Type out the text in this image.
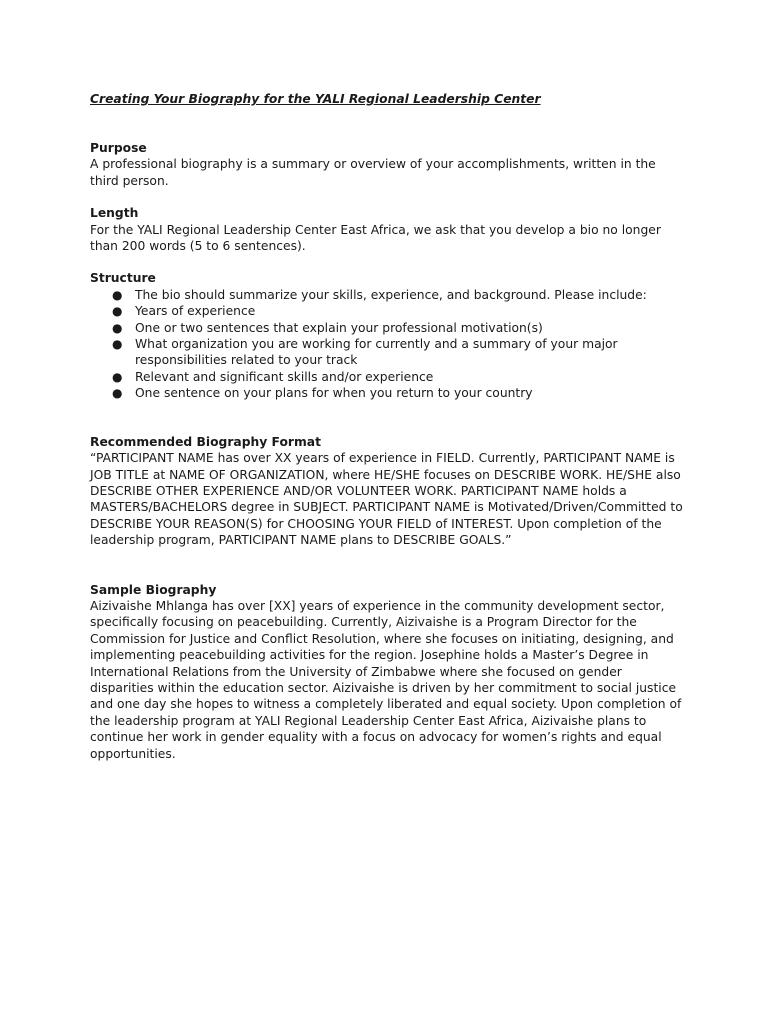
Creating Your Biography for the YALI Regional Leadership Center
Purpose

A professional biography is a summary or overview of your accomplishments, written in the third person.

Length

For the YALI Regional Leadership Center East Africa, we ask that you develop a bio no longer than 200 words (5 to 6 sentences).

Structure
● The bio should summarize your skills, experience, and background. Please include:
● Years of experience
● One or two sentences that explain your professional motivation(s)
● What organization you are working for currently and a summary of your major responsibilities related to your track
● Relevant and significant skills and/or experience
● One sentence on your plans for when you return to your country
Recommended Biography Format

“PARTICIPANT NAME has over XX years of experience in FIELD. Currently, PARTICIPANT NAME is JOB TITLE at NAME OF ORGANIZATION, where HE/SHE focuses on DESCRIBE WORK. HE/SHE also DESCRIBE OTHER EXPERIENCE AND/OR VOLUNTEER WORK. PARTICIPANT NAME holds a MASTERS/BACHELORS degree in SUBJECT. PARTICIPANT NAME is Motivated/Driven/Committed to DESCRIBE YOUR REASON(S) for CHOOSING YOUR FIELD of INTEREST. Upon completion of the leadership program, PARTICIPANT NAME plans to DESCRIBE GOALS.”

Sample Biography

Aizivaishe Mhlanga has over [XX] years of experience in the community development sector, specifically focusing on peacebuilding. Currently, Aizivaishe is a Program Director for the Commission for Justice and Conflict Resolution, where she focuses on initiating, designing, and implementing peacebuilding activities for the region. Josephine holds a Master’s Degree in International Relations from the University of Zimbabwe where she focused on gender disparities within the education sector. Aizivaishe is driven by her commitment to social justice and one day she hopes to witness a completely liberated and equal society. Upon completion of the leadership program at YALI Regional Leadership Center East Africa, Aizivaishe plans to continue her work in gender equality with a focus on advocacy for women’s rights and equal opportunities.
